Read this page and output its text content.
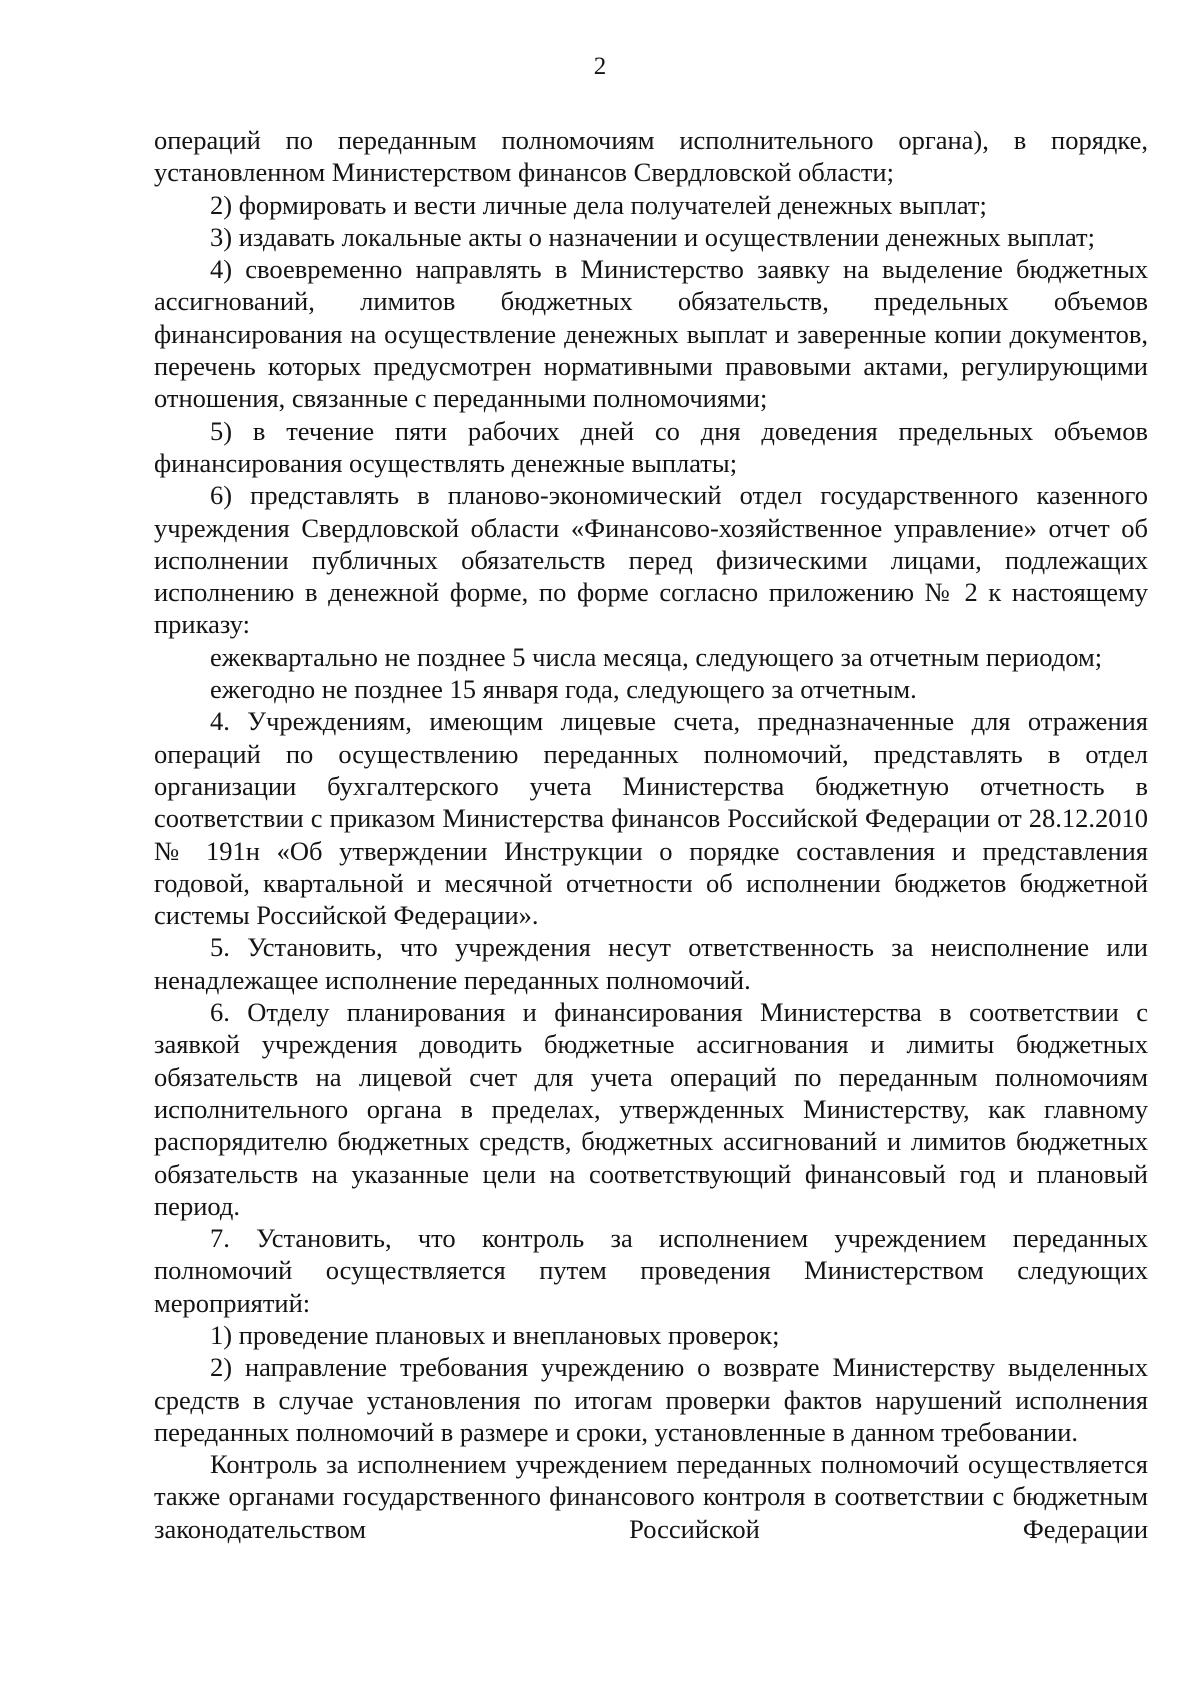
2

операций по переданным полномочиям исполнительного органа), в порядке, установленном Министерством финансов Свердловской области;

2) формировать и вести личные дела получателей денежных выплат;

3) издавать локальные акты о назначении и осуществлении денежных выплат;

4) своевременно направлять в Министерство заявку на выделение бюджетных ассигнований, лимитов бюджетных обязательств, предельных объемов финансирования на осуществление денежных выплат и заверенные копии документов, перечень которых предусмотрен нормативными правовыми актами, регулирующими отношения, связанные с переданными полномочиями;

5) в течение пяти рабочих дней со дня доведения предельных объемов финансирования осуществлять денежные выплаты;

6) представлять в планово-экономический отдел государственного казенного учреждения Свердловской области «Финансово-хозяйственное управление» отчет об исполнении публичных обязательств перед физическими лицами, подлежащих исполнению в денежной форме, по форме согласно приложению № 2 к настоящему приказу:

ежеквартально не позднее 5 числа месяца, следующего за отчетным периодом;

ежегодно не позднее 15 января года, следующего за отчетным.

4. Учреждениям, имеющим лицевые счета, предназначенные для отражения операций по осуществлению переданных полномочий, представлять в отдел организации бухгалтерского учета Министерства бюджетную отчетность в соответствии с приказом Министерства финансов Российской Федерации от 28.12.2010 № 191н «Об утверждении Инструкции о порядке составления и представления годовой, квартальной и месячной отчетности об исполнении бюджетов бюджетной системы Российской Федерации».

5. Установить, что учреждения несут ответственность за неисполнение или ненадлежащее исполнение переданных полномочий.

6. Отделу планирования и финансирования Министерства в соответствии с заявкой учреждения доводить бюджетные ассигнования и лимиты бюджетных обязательств на лицевой счет для учета операций по переданным полномочиям исполнительного органа в пределах, утвержденных Министерству, как главному распорядителю бюджетных средств, бюджетных ассигнований и лимитов бюджетных обязательств на указанные цели на соответствующий финансовый год и плановый период.

7. Установить, что контроль за исполнением учреждением переданных полномочий осуществляется путем проведения Министерством следующих мероприятий:

1) проведение плановых и внеплановых проверок;

2) направление требования учреждению о возврате Министерству выделенных средств в случае установления по итогам проверки фактов нарушений исполнения переданных полномочий в размере и сроки, установленные в данном требовании.

Контроль за исполнением учреждением переданных полномочий осуществляется также органами государственного финансового контроля в соответствии с бюджетным законодательством Российской Федерации
